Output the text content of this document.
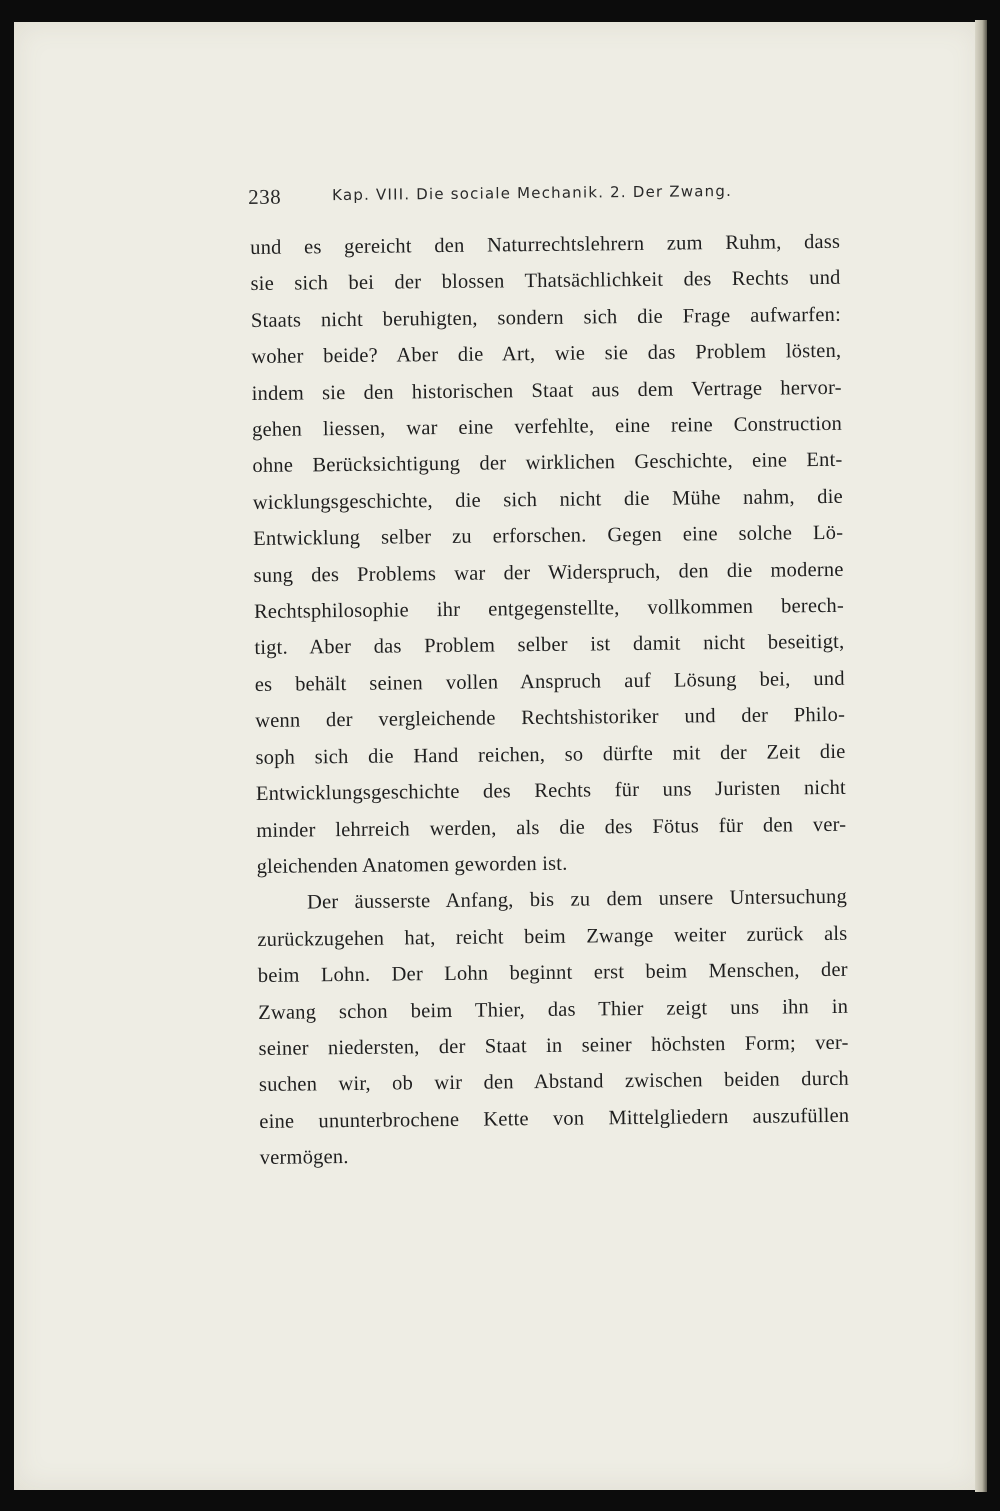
238	Kap. VIII. Die sociale Mechanik. 2. Der Zwang.
und es gereicht den Naturrechtslehrern zum Ruhm, dass
sie sich bei der blossen Thatsächlichkeit des Rechts und
Staats nicht beruhigten, sondern sich die Frage aufwarfen:
woher beide? Aber die Art, wie sie das Problem lösten,
indem sie den historischen Staat aus dem Vertrage hervor-
gehen liessen, war eine verfehlte, eine reine Construction
ohne Berücksichtigung der wirklichen Geschichte, eine Ent-
wicklungsgeschichte, die sich nicht die Mühe nahm, die
Entwicklung selber zu erforschen. Gegen eine solche Lö-
sung des Problems war der Widerspruch, den die moderne
Rechtsphilosophie ihr entgegenstellte, vollkommen berech-
tigt. Aber das Problem selber ist damit nicht beseitigt,
es behält seinen vollen Anspruch auf Lösung bei, und
wenn der vergleichende Rechtshistoriker und der Philo-
soph sich die Hand reichen, so dürfte mit der Zeit die
Entwicklungsgeschichte des Rechts für uns Juristen nicht
minder lehrreich werden, als die des Fötus für den ver-
gleichenden Anatomen geworden ist.
Der äusserste Anfang, bis zu dem unsere Untersuchung
zurückzugehen hat, reicht beim Zwange weiter zurück als
beim Lohn. Der Lohn beginnt erst beim Menschen, der
Zwang schon beim Thier, das Thier zeigt uns ihn in
seiner niedersten, der Staat in seiner höchsten Form; ver-
suchen wir, ob wir den Abstand zwischen beiden durch
eine ununterbrochene Kette von Mittelgliedern auszufüllen
vermögen.
